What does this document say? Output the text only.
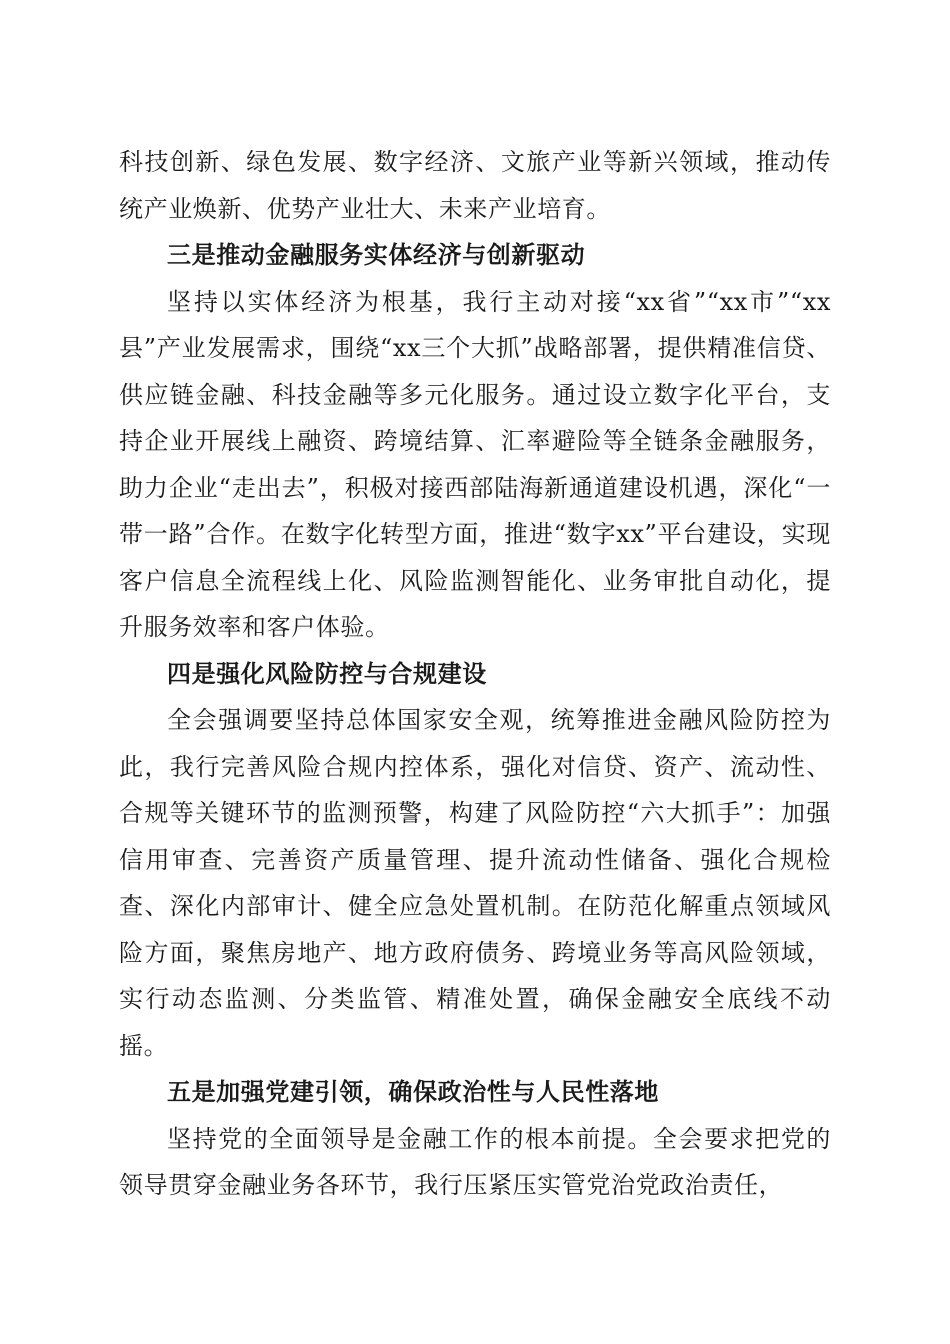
科技创新、绿色发展、数字经济、文旅产业等新兴领域，推动传统产业焕新、优势产业壮大、未来产业培育。

三是推动金融服务实体经济与创新驱动

坚持以实体经济为根基，我行主动对接“xx省”“xx市”“xx县”产业发展需求，围绕“xx三个大抓”战略部署，提供精准信贷、供应链金融、科技金融等多元化服务。通过设立数字化平台，支持企业开展线上融资、跨境结算、汇率避险等全链条金融服务，助力企业“走出去”，积极对接西部陆海新通道建设机遇，深化“一带一路”合作。在数字化转型方面，推进“数字xx”平台建设，实现客户信息全流程线上化、风险监测智能化、业务审批自动化，提升服务效率和客户体验。

四是强化风险防控与合规建设

全会强调要坚持总体国家安全观，统筹推进金融风险防控为此，我行完善风险合规内控体系，强化对信贷、资产、流动性、合规等关键环节的监测预警，构建了风险防控“六大抓手”：加强信用审查、完善资产质量管理、提升流动性储备、强化合规检查、深化内部审计、健全应急处置机制。在防范化解重点领域风险方面，聚焦房地产、地方政府债务、跨境业务等高风险领域，实行动态监测、分类监管、精准处置，确保金融安全底线不动摇。

五是加强党建引领，确保政治性与人民性落地

坚持党的全面领导是金融工作的根本前提。全会要求把党的领导贯穿金融业务各环节，我行压紧压实管党治党政治责任，
